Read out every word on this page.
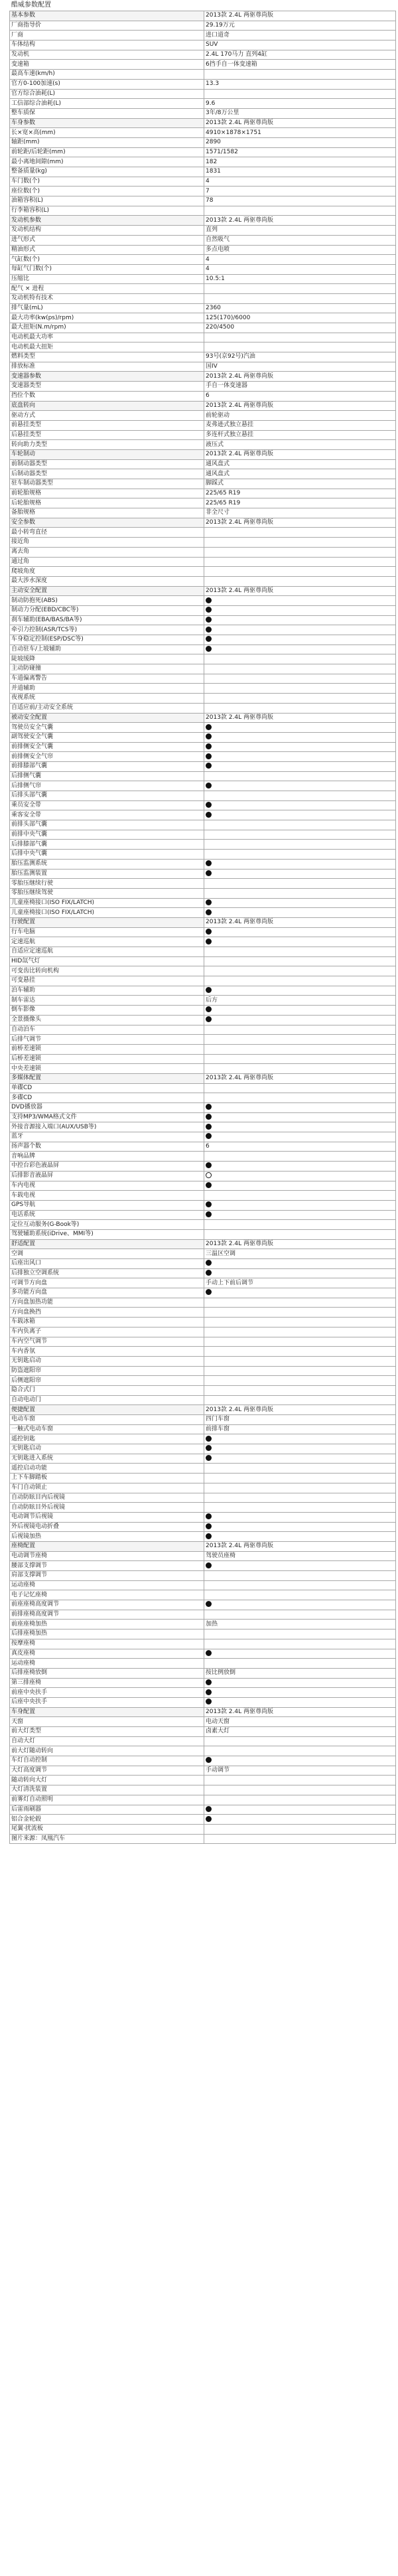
酷威参数配置
基本参数	2013款 2.4L 两驱尊尚版
厂商指导价	29.19万元
厂商	进口道奇
车体结构	SUV
发动机	2.4L 170马力 直列4缸
变速箱	6挡手自一体变速箱
最高车速(km/h)	
官方0-100加速(s)	13.3
官方综合油耗(L)	
工信部综合油耗(L)	9.6
整车质保	3年/8万公里
车身参数	2013款 2.4L 两驱尊尚版
长×宽×高(mm)	4910×1878×1751
轴距(mm)	2890
前轮距/后轮距(mm)	1571/1582
最小离地间隙(mm)	182
整备质量(kg)	1831
车门数(个)	4
座位数(个)	7
油箱容积(L)	78
行李箱容积(L)	
发动机参数	2013款 2.4L 两驱尊尚版
发动机结构	直列
进气形式	自然吸气
精油形式	多点电喷
气缸数(个)	4
每缸气门数(个)	4
压缩比	10.5:1
配气 × 进程	
发动机特有技术	
排气量(mL)	2360
最大功率(kw(ps)/rpm)	125(170)/6000
最大扭矩(N.m/rpm)	220/4500
电动机最大功率	
电动机最大扭矩	
燃料类型	93号(京92号)汽油
排放标准	国IV
变速器参数	2013款 2.4L 两驱尊尚版
变速器类型	手自一体变速器
挡位个数	6
底盘转向	2013款 2.4L 两驱尊尚版
驱动方式	前轮驱动
前悬挂类型	麦弗逊式独立悬挂
后悬挂类型	多连杆式独立悬挂
转向助力类型	液压式
车轮制动	2013款 2.4L 两驱尊尚版
前制动器类型	通风盘式
后制动器类型	通风盘式
驻车制动器类型	脚踩式
前轮胎规格	225/65 R19
后轮胎规格	225/65 R19
备胎规格	非全尺寸
安全参数	2013款 2.4L 两驱尊尚版
最小转弯直径	
接近角	
离去角	
通过角	
爬坡角度	
最大涉水深度	
主动安全配置	2013款 2.4L 两驱尊尚版
制动防抱死(ABS)	
制动力分配(EBD/CBC等)	
刹车辅助(EBA/BAS/BA等)	
牵引力控制(ASR/TCS等)	
车身稳定控制(ESP/DSC等)	
自动驻车/上坡辅助	
陡坡缓降	
主动防碰撞	
车道偏离警告	
并道辅助	
夜视系统	
自适应前/主动安全系统	
被动安全配置	2013款 2.4L 两驱尊尚版
驾驶员安全气囊	
副驾驶安全气囊	
前排侧安全气囊	
前排侧安全气帘	
前排膝部气囊	
后排侧气囊	
后排侧气帘	
后排头部气囊	
乘员安全带	
乘客安全带	
前排头部气囊	
前排中央气囊	
后排膝部气囊	
后排中央气囊	
胎压监测系统	
胎压监测装置	
零胎压继续行驶	
零胎压继续驾驶	
儿童座椅接口(ISO FIX/LATCH)	
儿童座椅接口(ISO FIX/LATCH)	
行驶配置	2013款 2.4L 两驱尊尚版
行车电脑	
定速巡航	
自适应定速巡航	
HID氙气灯	
可变齿比转向机构	
可变悬挂	
泊车辅助	
制车雷达	后方
倒车影像	
全景摄像头	
自动泊车	
后排气调节	
前桥差速锁	
后桥差速锁	
中央差速锁	
多媒体配置	2013款 2.4L 两驱尊尚版
单碟CD	
多碟CD	
DVD播放器	
支持MP3/WMA格式文件	
外接音源接入端口(AUX/USB等)	
蓝牙	
扬声器个数	6
音响品牌	
中控台彩色液晶屏	
后排影音液晶屏	
车内电视	
车载电视	
GPS导航	
电话系统	
定位互动服务(G-Book等)	
驾驶辅助系统(iDrive、MMI等)	
舒适配置	2013款 2.4L 两驱尊尚版
空调	三温区空调
后座出风口	
后排独立空调系统	
可调节方向盘	手动上下前后调节
多功能方向盘	
方向盘加热功能	
方向盘换挡	
车载冰箱	
车内负离子	
车内空气调节	
车内香氛	
无钥匙启动	
防盗遮阳帘	
后侧遮阳帘	
隐合式门	
自动电动门	
便捷配置	2013款 2.4L 两驱尊尚版
电动车窗	四门车窗
一触式电动车窗	前排车窗
遥控钥匙	
无钥匙启动	
无钥匙进入系统	
遥控启动功能	
上下车脚踏板	
车门自动锁止	
自动防眩目内后视镜	
自动防眩目外后视镜	
电动调节后视镜	
外后视镜电动折叠	
后视镜加热	
座椅配置	2013款 2.4L 两驱尊尚版
电动调节座椅	驾驶员座椅
腰部支撑调节	
肩部支撑调节	
运动座椅	
电子记忆座椅	
前座座椅高度调节	
前排座椅高度调节	
前座座椅加热	加热
后排座椅加热	
按摩座椅	
真皮座椅	
运动座椅	
后排座椅放倒	按比例放倒
第三排座椅	
前座中央扶手	
后座中央扶手	
车身配置	2013款 2.4L 两驱尊尚版
天窗	电动天窗
前大灯类型	卤素大灯
自动大灯	
前大灯随动转向	
车灯自动控制	
大灯高度调节	手动调节
随动转向大灯	
大灯清洗装置	
前雾灯自动照明	
后雷雨刷器	
铝合金轮毂	
尾翼·扰流板	
图片来源：凤凰汽车	
